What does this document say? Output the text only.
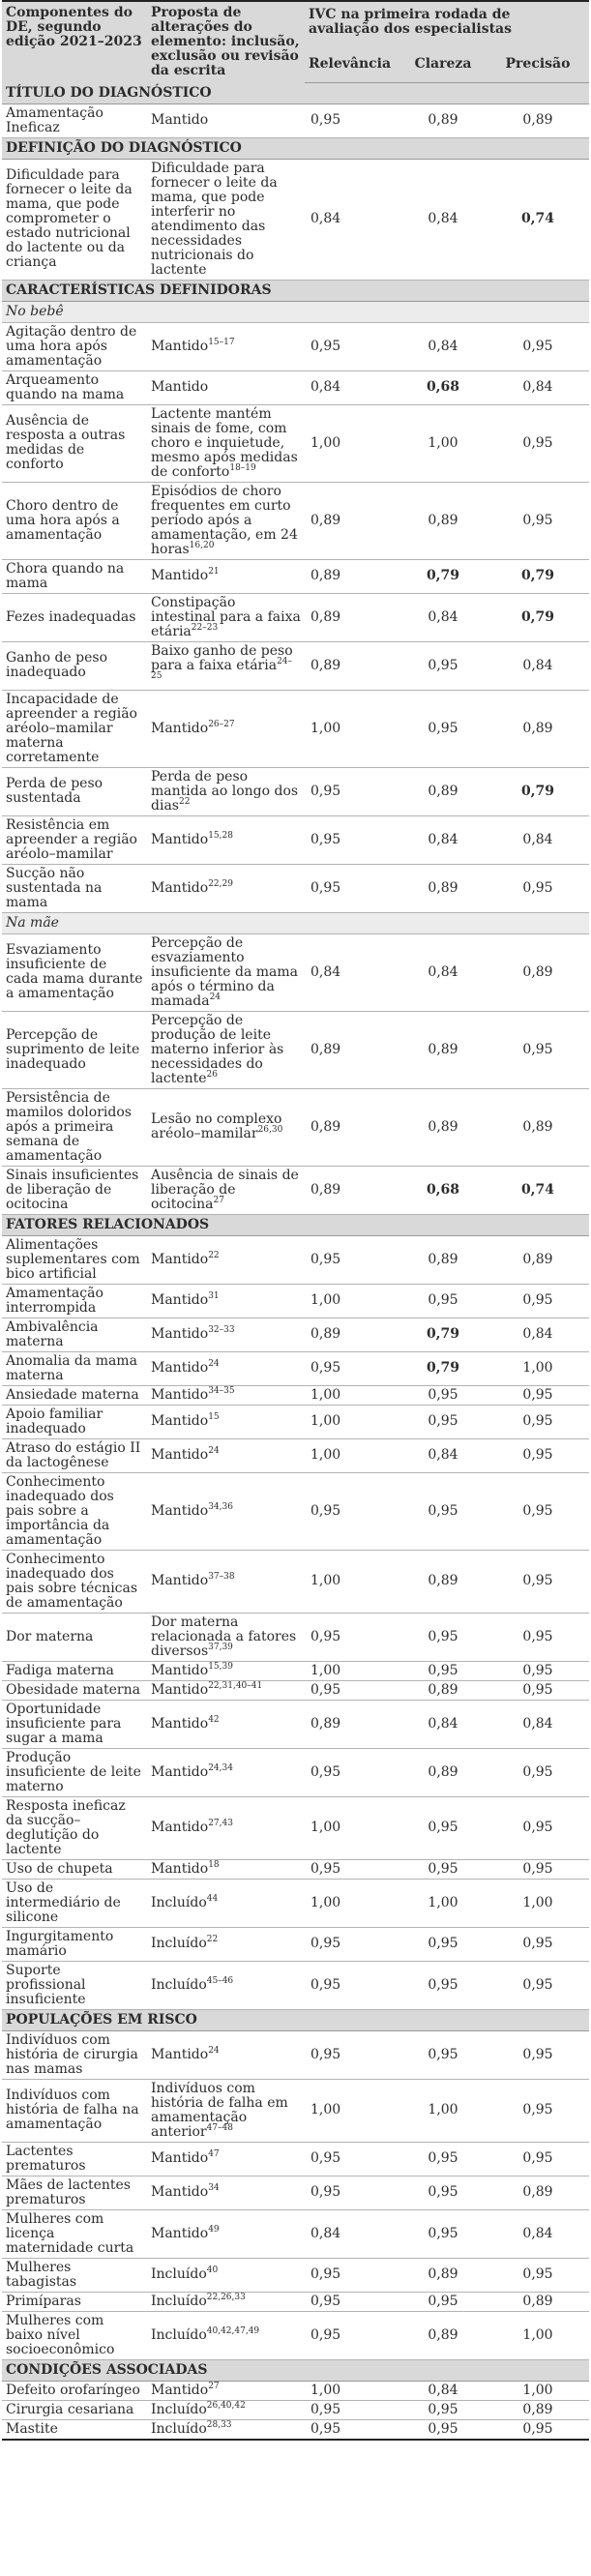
Componentes do DE, segundo edição 2021–2023	Proposta de alterações do elemento: inclusão, exclusão ou revisão da escrita	IVC na primeira rodada de avaliação dos especialistas		
		Relevância	Clareza	Precisão
TÍTULO DO DIAGNÓSTICO				
Amamentação Ineficaz	Mantido	0,95	0,89	0,89
DEFINIÇÃO DO DIAGNÓSTICO				
Dificuldade para fornecer o leite da mama, que pode comprometer o estado nutricional do lactente ou da criança	Dificuldade para fornecer o leite da mama, que pode interferir no atendimento das necessidades nutricionais do lactente	0,84	0,84	0,74
CARACTERÍSTICAS DEFINIDORAS				
No bebê				
Agitação dentro de uma hora após amamentação	Mantido$^{15-17}$	0,95	0,84	0,95
Arqueamento quando na mama	Mantido	0,84	0,68	0,84
Ausência de resposta a outras medidas de conforto	Lactente mantém sinais de fome, com choro e inquietude, mesmo após medidas de conforto$^{18-19}$	1,00	1,00	0,95
Choro dentro de uma hora após a amamentação	Episódios de choro frequentes em curto período após a amamentação, em 24 horas$^{16,20}$	0,89	0,89	0,95
Chora quando na mama	Mantido$^{21}$	0,89	0,79	0,79
Fezes inadequadas	Constipação intestinal para a faixa etária$^{22-23}$	0,89	0,84	0,79
Ganho de peso inadequado	Baixo ganho de peso para a faixa etária$^{24-25}$	0,89	0,95	0,84
Incapacidade de apreender a região aréolo–mamilar materna corretamente	Mantido$^{26-27}$	1,00	0,95	0,89
Perda de peso sustentada	Perda de peso mantida ao longo dos dias$^{22}$	0,95	0,89	0,79
Resistência em apreender a região aréolo–mamilar	Mantido$^{15,28}$	0,95	0,84	0,84
Sucção não sustentada na mama	Mantido$^{22,29}$	0,95	0,89	0,95
Na mãe				
Esvaziamento insuficiente de cada mama durante a amamentação	Percepção de esvaziamento insuficiente da mama após o término da mamada$^{24}$	0,84	0,84	0,89
Percepção de suprimento de leite inadequado	Percepção de produção de leite materno inferior às necessidades do lactente$^{26}$	0,89	0,89	0,95
Persistência de mamilos doloridos após a primeira semana de amamentação	Lesão no complexo aréolo–mamilar$^{26,30}$	0,89	0,89	0,89
Sinais insuficientes de liberação de ocitocina	Ausência de sinais de liberação de ocitocina$^{27}$	0,89	0,68	0,74
FATORES RELACIONADOS				
Alimentações suplementares com bico artificial	Mantido$^{22}$	0,95	0,89	0,89
Amamentação interrompida	Mantido$^{31}$	1,00	0,95	0,95
Ambivalência materna	Mantido$^{32-33}$	0,89	0,79	0,84
Anomalia da mama materna	Mantido$^{24}$	0,95	0,79	1,00
Ansiedade materna	Mantido$^{34-35}$	1,00	0,95	0,95
Apoio familiar inadequado	Mantido$^{15}$	1,00	0,95	0,95
Atraso do estágio II da lactogênese	Mantido$^{24}$	1,00	0,84	0,95
Conhecimento inadequado dos pais sobre a importância da amamentação	Mantido$^{34,36}$	0,95	0,95	0,95
Conhecimento inadequado dos pais sobre técnicas de amamentação	Mantido$^{37-38}$	1,00	0,89	0,95
Dor materna	Dor materna relacionada a fatores diversos$^{37,39}$	0,95	0,95	0,95
Fadiga materna	Mantido$^{15,39}$	1,00	0,95	0,95
Obesidade materna	Mantido$^{22,31,40-41}$	0,95	0,89	0,95
Oportunidade insuficiente para sugar a mama	Mantido$^{42}$	0,89	0,84	0,84
Produção insuficiente de leite materno	Mantido$^{24,34}$	0,95	0,89	0,95
Resposta ineficaz da sucção–deglutição do lactente	Mantido$^{27,43}$	1,00	0,95	0,95
Uso de chupeta	Mantido$^{18}$	0,95	0,95	0,95
Uso de intermediário de silicone	Incluído$^{44}$	1,00	1,00	1,00
Ingurgitamento mamário	Incluído$^{22}$	0,95	0,95	0,95
Suporte profissional insuficiente	Incluído$^{45-46}$	0,95	0,95	0,95
POPULAÇÕES EM RISCO				
Indivíduos com história de cirurgia nas mamas	Mantido$^{24}$	0,95	0,95	0,95
Indivíduos com história de falha na amamentação	Indivíduos com história de falha em amamentação anterior$^{47-48}$	1,00	1,00	0,95
Lactentes prematuros	Mantido$^{47}$	0,95	0,95	0,95
Mães de lactentes prematuros	Mantido$^{34}$	0,95	0,95	0,89
Mulheres com licença maternidade curta	Mantido$^{49}$	0,84	0,95	0,84
Mulheres tabagistas	Incluído$^{40}$	0,95	0,89	0,95
Primíparas	Incluído$^{22,26,33}$	0,95	0,95	0,89
Mulheres com baixo nível socioeconômico	Incluído$^{40,42,47,49}$	0,95	0,89	1,00
CONDIÇÕES ASSOCIADAS				
Defeito orofaríngeo	Mantido$^{27}$	1,00	0,84	1,00
Cirurgia cesariana	Incluído$^{26,40,42}$	0,95	0,95	0,89
Mastite	Incluído$^{28,33}$	0,95	0,95	0,95
